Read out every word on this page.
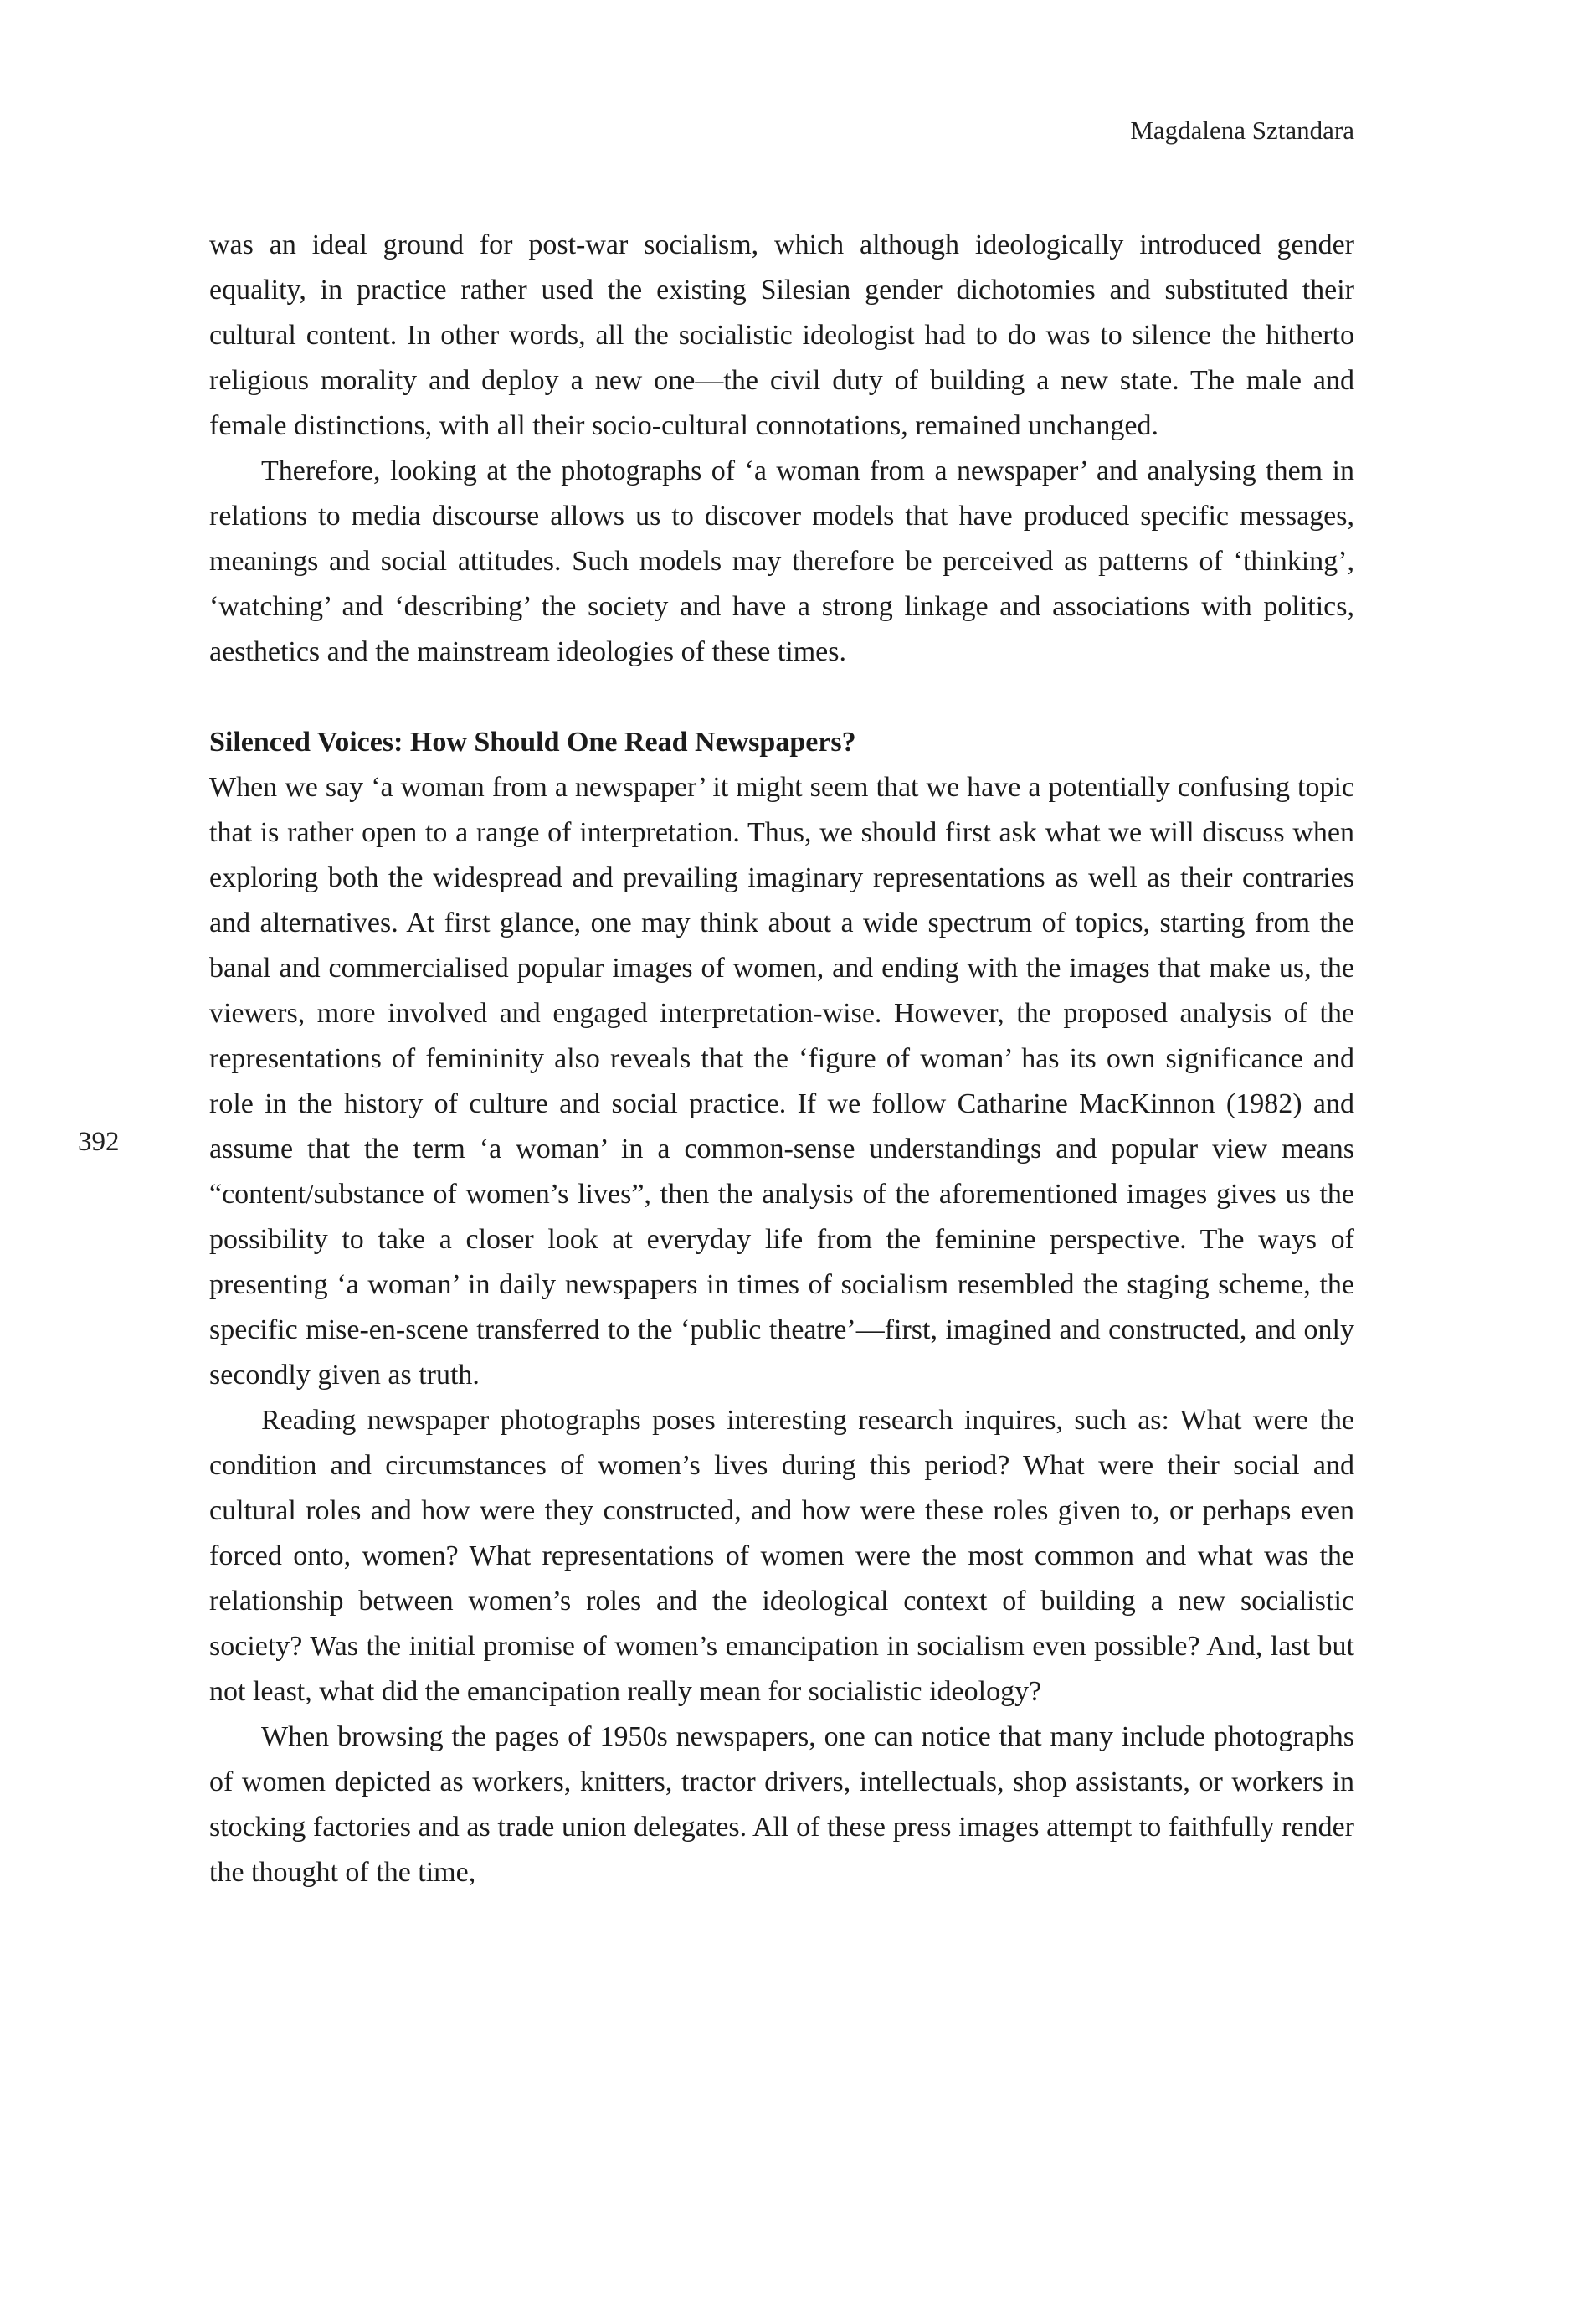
Magdalena Sztandara
392

was an ideal ground for post-war socialism, which although ideologically introduced gender equality, in practice rather used the existing Silesian gender dichotomies and substituted their cultural content. In other words, all the socialistic ideologist had to do was to silence the hitherto religious morality and deploy a new one—the civil duty of building a new state. The male and female distinctions, with all their socio-cultural connotations, remained unchanged.

Therefore, looking at the photographs of ‘a woman from a newspaper’ and analysing them in relations to media discourse allows us to discover models that have produced specific messages, meanings and social attitudes. Such models may therefore be perceived as patterns of ‘thinking’, ‘watching’ and ‘describing’ the society and have a strong linkage and associations with politics, aesthetics and the mainstream ideologies of these times.

Silenced Voices: How Should One Read Newspapers?

When we say ‘a woman from a newspaper’ it might seem that we have a potentially confusing topic that is rather open to a range of interpretation. Thus, we should first ask what we will discuss when exploring both the widespread and prevailing imaginary representations as well as their contraries and alternatives. At first glance, one may think about a wide spectrum of topics, starting from the banal and commercialised popular images of women, and ending with the images that make us, the viewers, more involved and engaged interpretation-wise. However, the proposed analysis of the representations of femininity also reveals that the ‘figure of woman’ has its own significance and role in the history of culture and social practice. If we follow Catharine MacKinnon (1982) and assume that the term ‘a woman’ in a common-sense understandings and popular view means “content/substance of women’s lives”, then the analysis of the aforementioned images gives us the possibility to take a closer look at everyday life from the feminine perspective. The ways of presenting ‘a woman’ in daily newspapers in times of socialism resembled the staging scheme, the specific mise-en-scene transferred to the ‘public theatre’—first, imagined and constructed, and only secondly given as truth.

Reading newspaper photographs poses interesting research inquires, such as: What were the condition and circumstances of women’s lives during this period? What were their social and cultural roles and how were they constructed, and how were these roles given to, or perhaps even forced onto, women? What representations of women were the most common and what was the relationship between women’s roles and the ideological context of building a new socialistic society? Was the initial promise of women’s emancipation in socialism even possible? And, last but not least, what did the emancipation really mean for socialistic ideology?

When browsing the pages of 1950s newspapers, one can notice that many include photographs of women depicted as workers, knitters, tractor drivers, intellectuals, shop assistants, or workers in stocking factories and as trade union delegates. All of these press images attempt to faithfully render the thought of the time,
